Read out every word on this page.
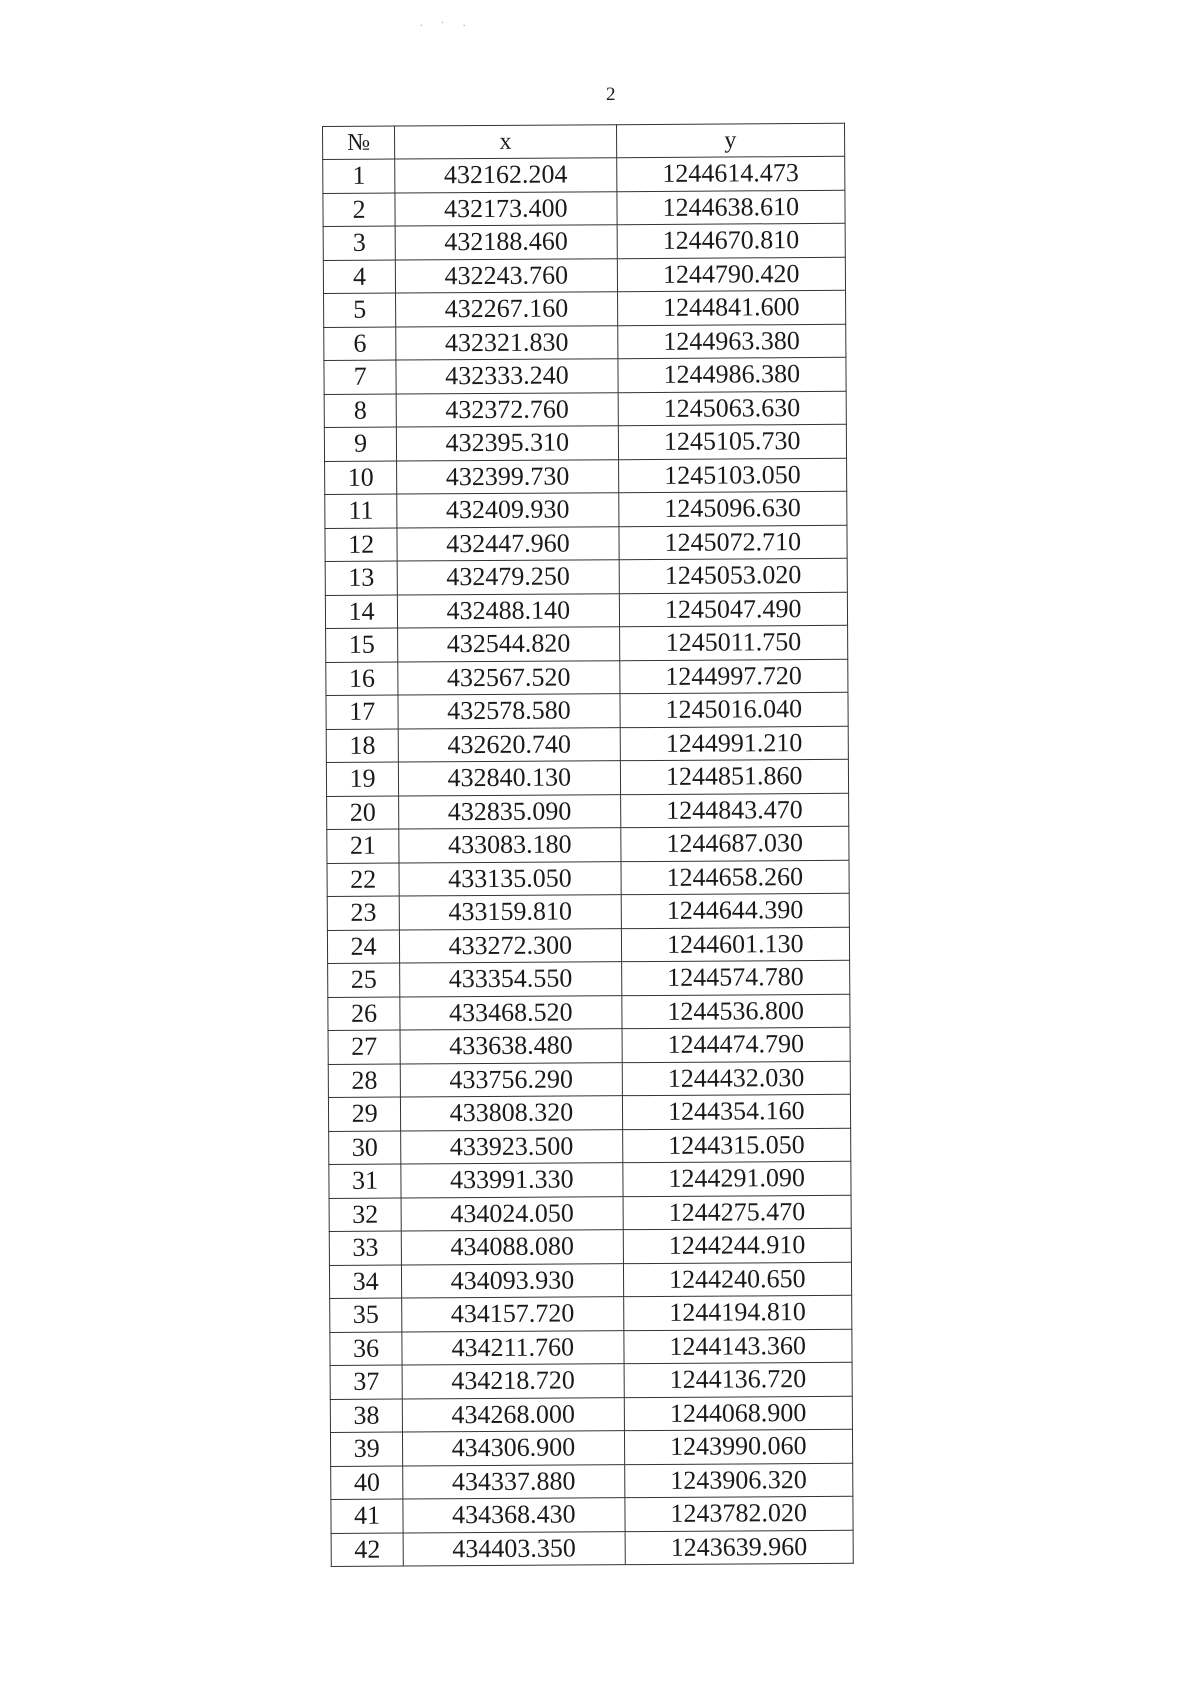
. · .
2
№	x	y
1	432162.204	1244614.473
2	432173.400	1244638.610
3	432188.460	1244670.810
4	432243.760	1244790.420
5	432267.160	1244841.600
6	432321.830	1244963.380
7	432333.240	1244986.380
8	432372.760	1245063.630
9	432395.310	1245105.730
10	432399.730	1245103.050
11	432409.930	1245096.630
12	432447.960	1245072.710
13	432479.250	1245053.020
14	432488.140	1245047.490
15	432544.820	1245011.750
16	432567.520	1244997.720
17	432578.580	1245016.040
18	432620.740	1244991.210
19	432840.130	1244851.860
20	432835.090	1244843.470
21	433083.180	1244687.030
22	433135.050	1244658.260
23	433159.810	1244644.390
24	433272.300	1244601.130
25	433354.550	1244574.780
26	433468.520	1244536.800
27	433638.480	1244474.790
28	433756.290	1244432.030
29	433808.320	1244354.160
30	433923.500	1244315.050
31	433991.330	1244291.090
32	434024.050	1244275.470
33	434088.080	1244244.910
34	434093.930	1244240.650
35	434157.720	1244194.810
36	434211.760	1244143.360
37	434218.720	1244136.720
38	434268.000	1244068.900
39	434306.900	1243990.060
40	434337.880	1243906.320
41	434368.430	1243782.020
42	434403.350	1243639.960
